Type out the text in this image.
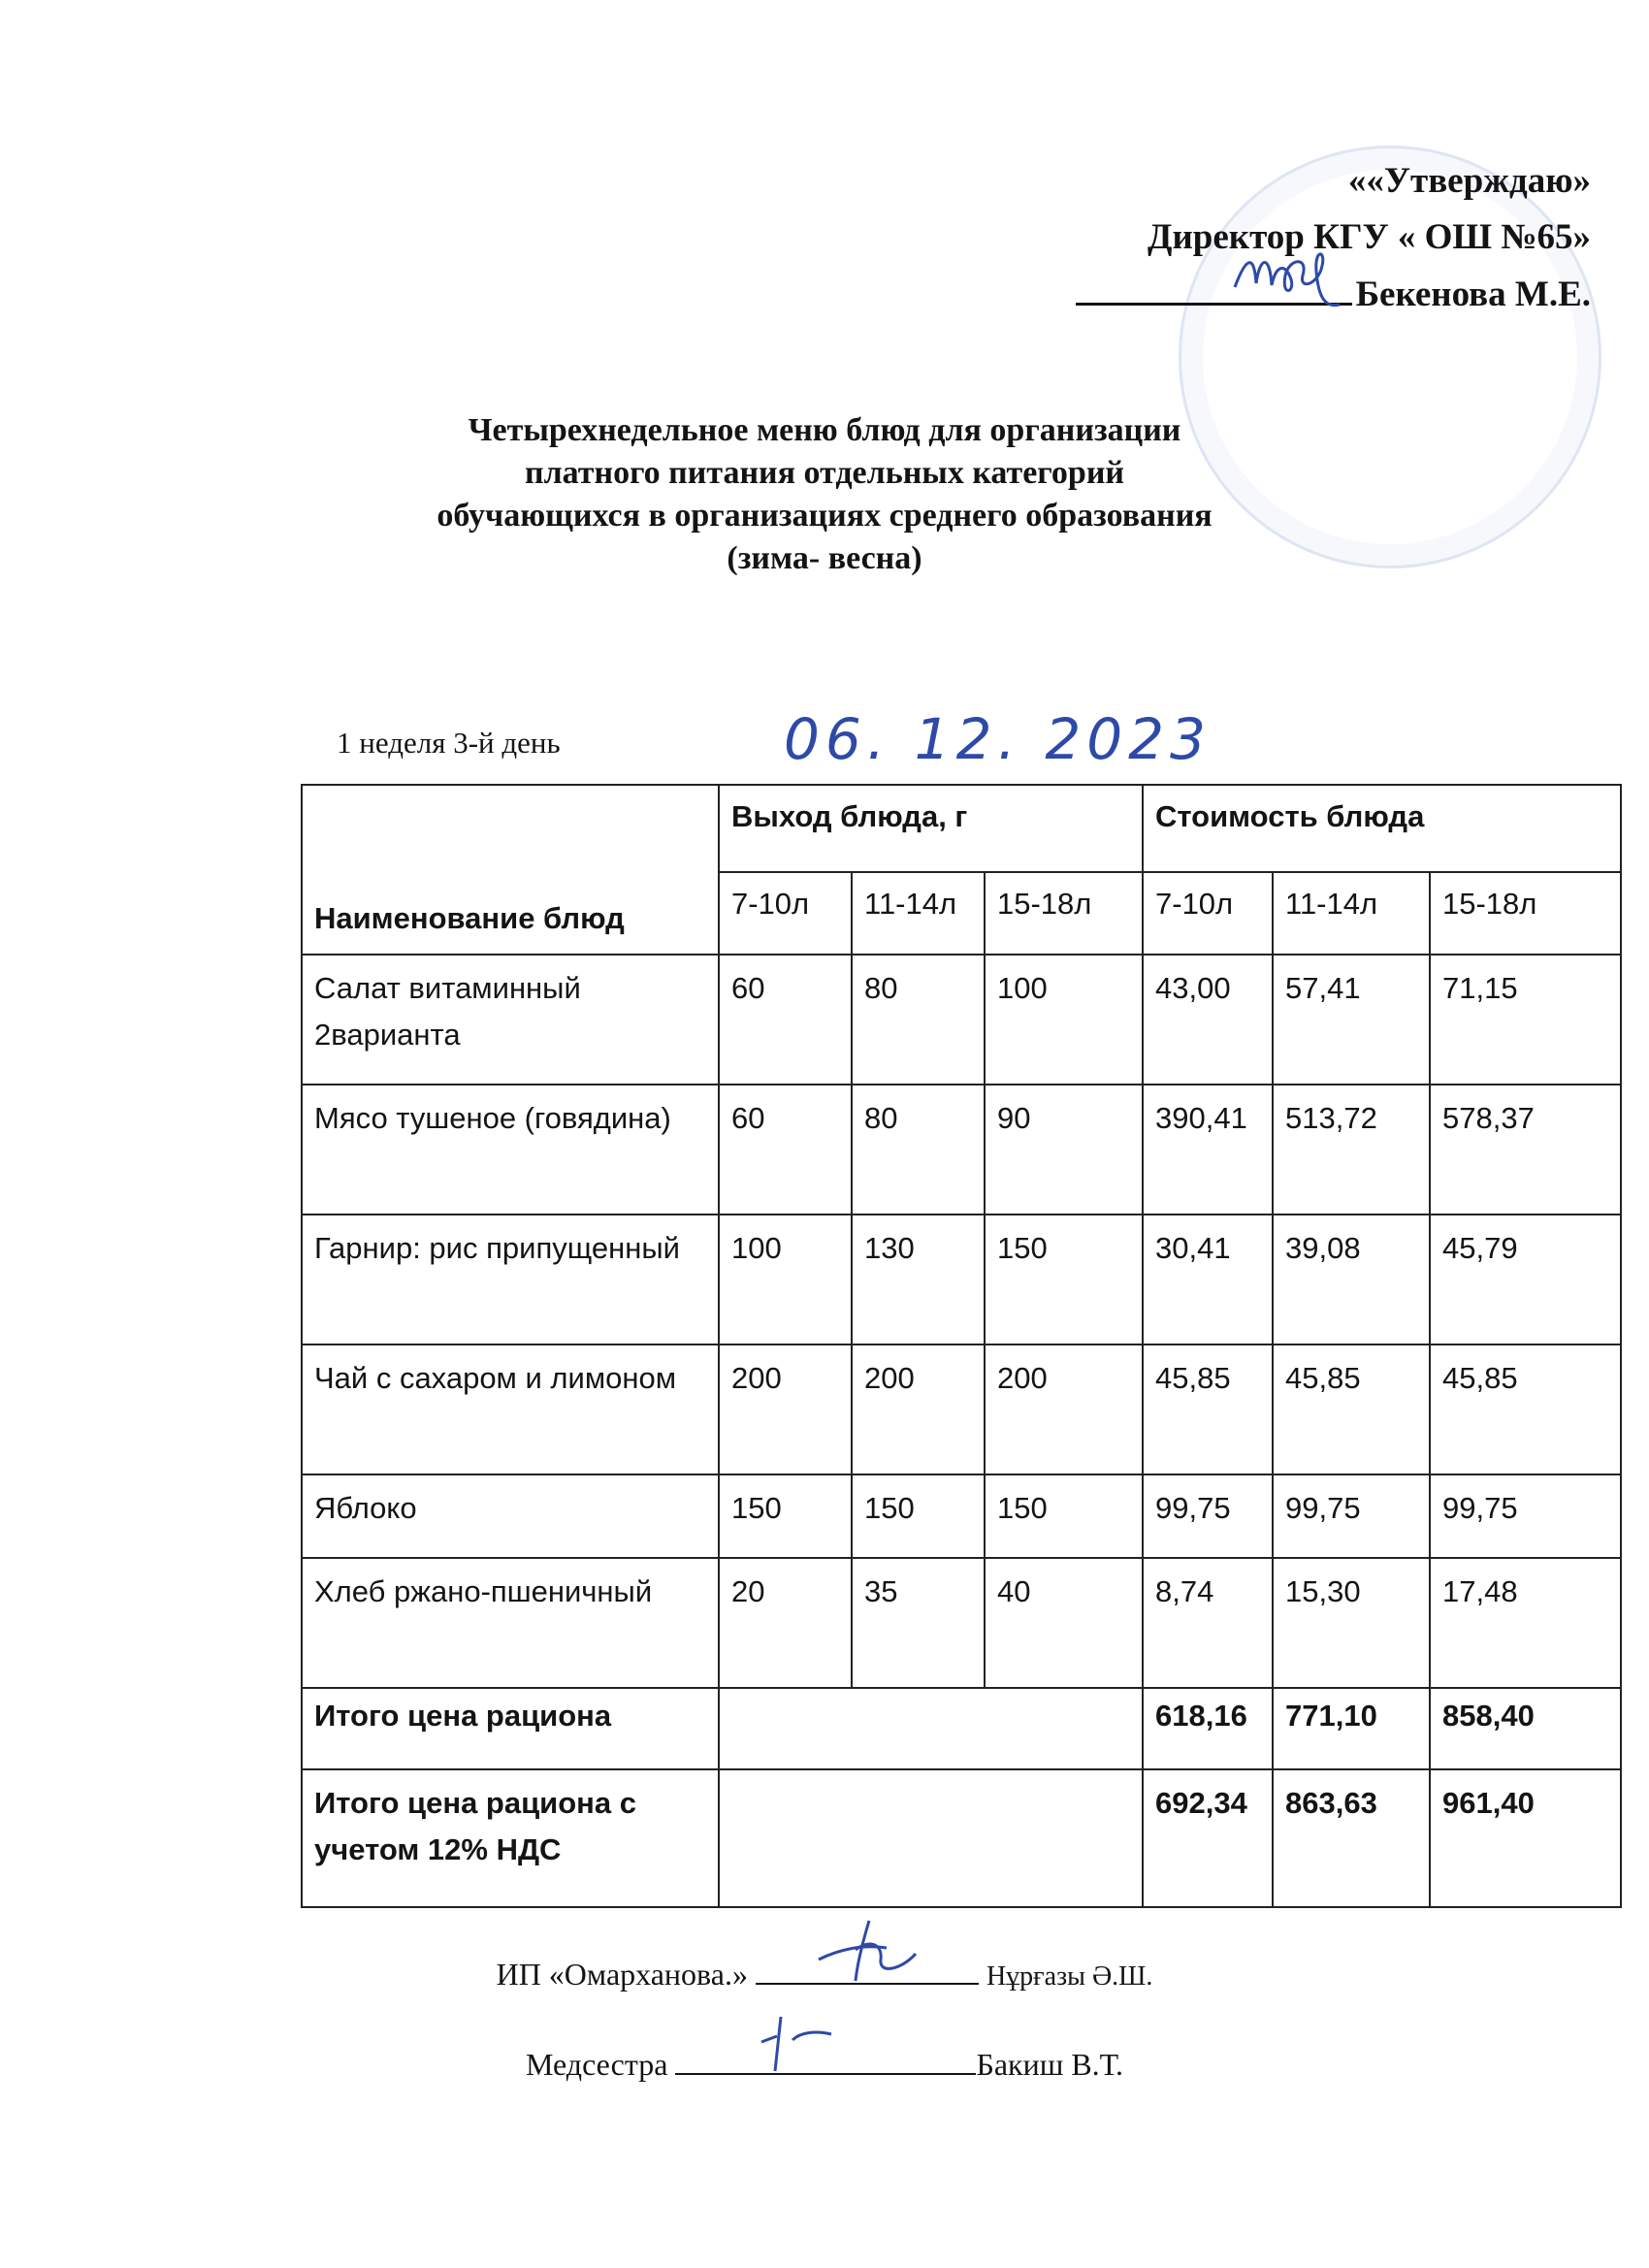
««Утверждаю»
Директор КГУ « ОШ №65»
Бекенова М.Е.
Четырехнедельное меню блюд для организации
платного питания отдельных категорий
обучающихся в организациях среднего образования
(зима- весна)
1 неделя 3-й день	06. 12. 2023
Наименование блюд	Выход блюда, г			Стоимость блюда		
	7-10л	11-14л	15-18л	7-10л	11-14л	15-18л
Салат витаминный 2варианта	60	80	100	43,00	57,41	71,15
Мясо тушеное (говядина)	60	80	90	390,41	513,72	578,37
Гарнир: рис припущенный	100	130	150	30,41	39,08	45,79
Чай с сахаром и лимоном	200	200	200	45,85	45,85	45,85
Яблоко	150	150	150	99,75	99,75	99,75
Хлеб ржано-пшеничный	20	35	40	8,74	15,30	17,48
Итого цена рациона				618,16	771,10	858,40
Итого цена рациона с учетом 12% НДС				692,34	863,63	961,40
ИП «Омарханова.»	Нұрғазы Ә.Ш.
Медсестра	Бакиш В.Т.
